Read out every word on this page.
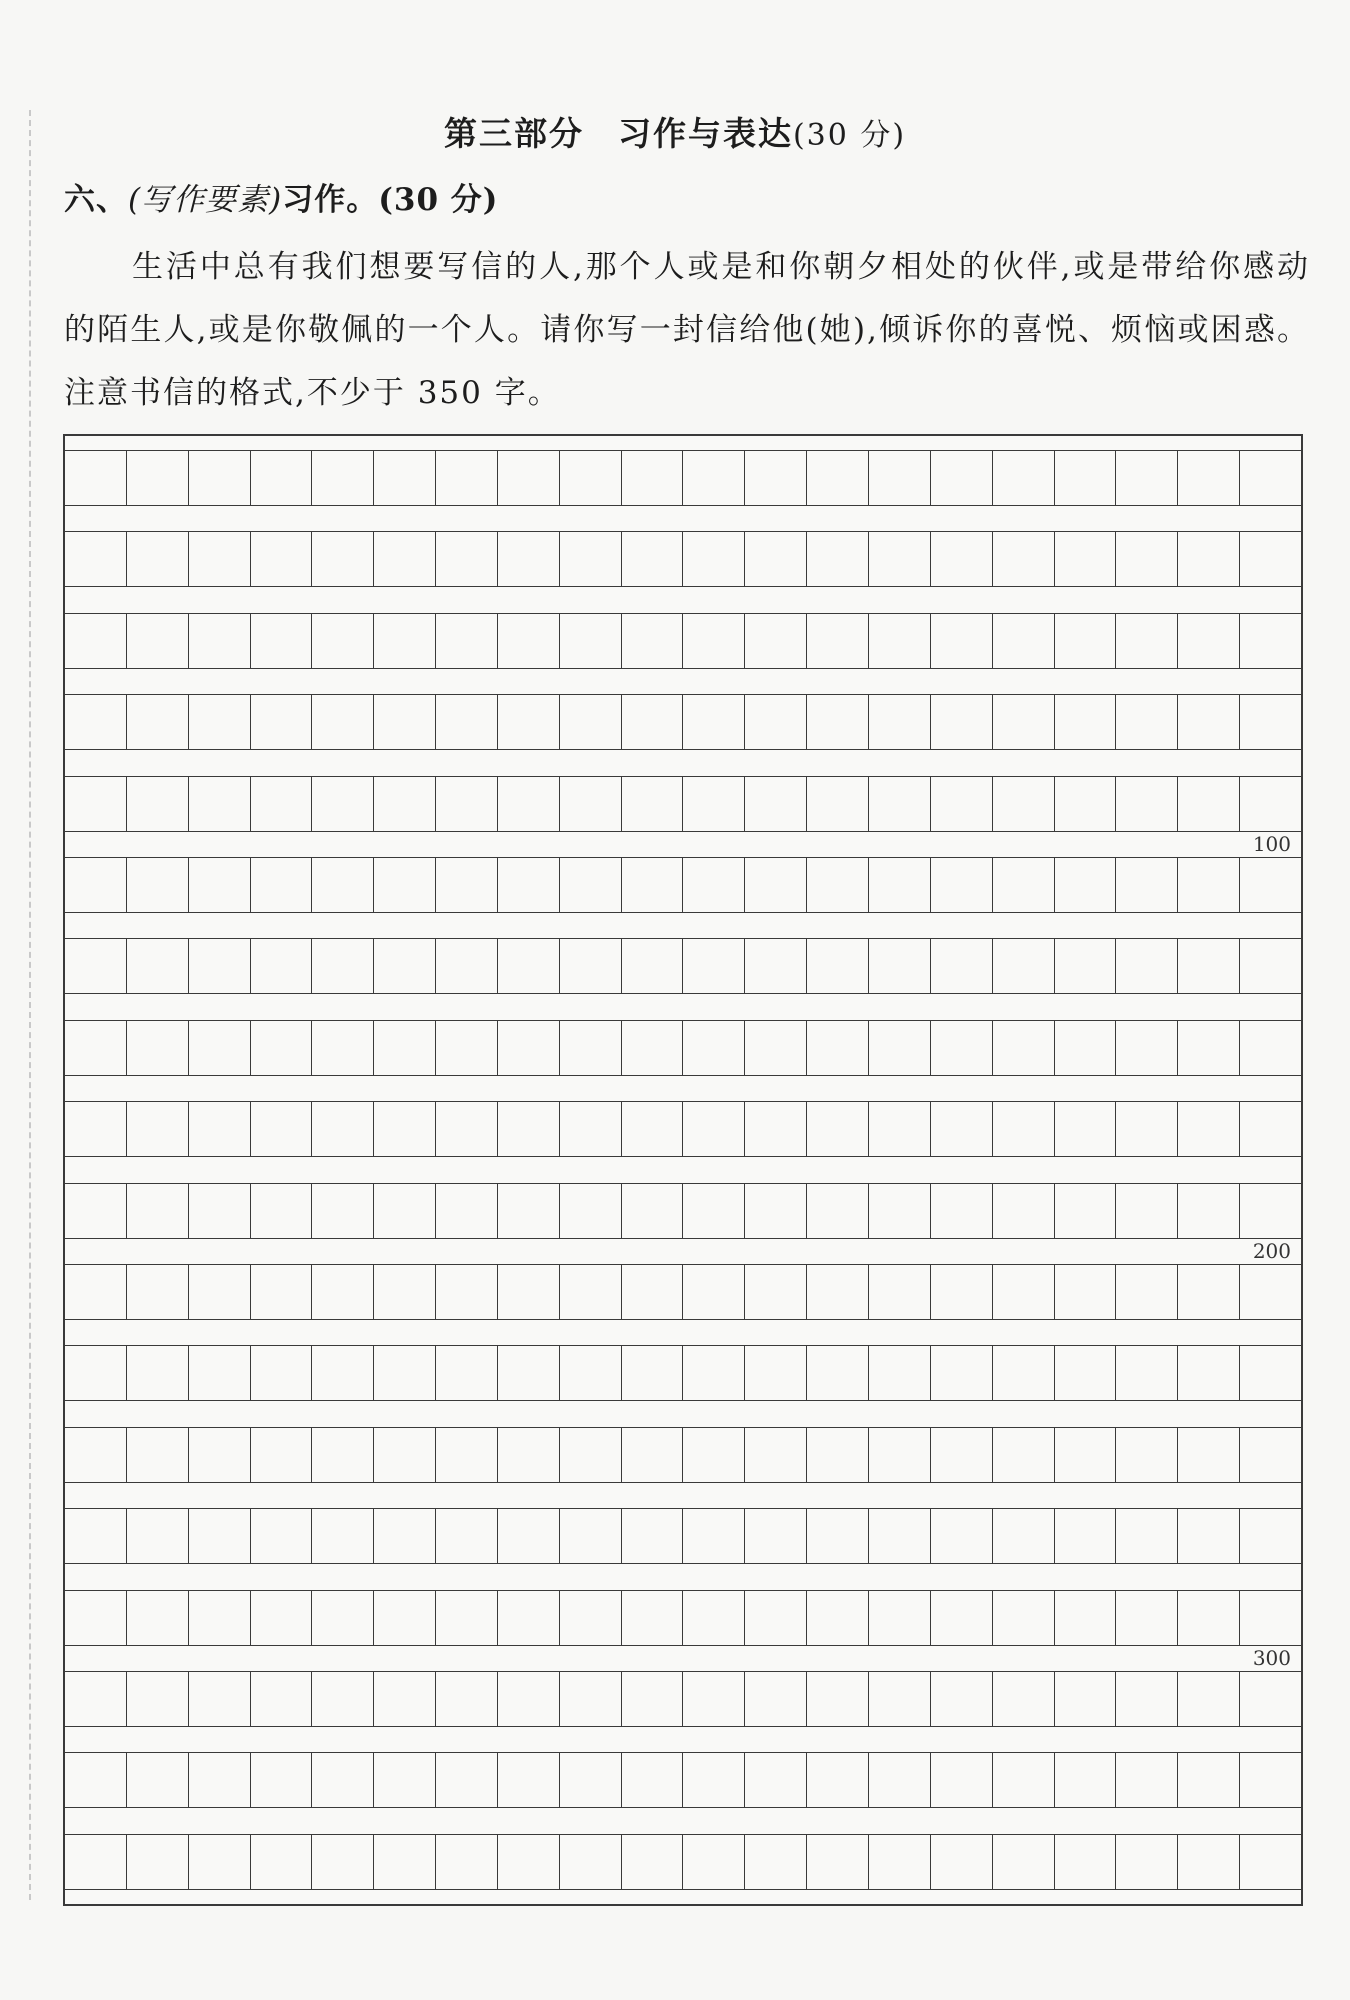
第三部分 习作与表达(30 分)
六、(写作要素)习作。(30 分)
生活中总有我们想要写信的人,那个人或是和你朝夕相处的伙伴,或是带给你感动的陌生人,或是你敬佩的一个人。请你写一封信给他(她),倾诉你的喜悦、烦恼或困惑。注意书信的格式,不少于 350 字。
100
200
300
